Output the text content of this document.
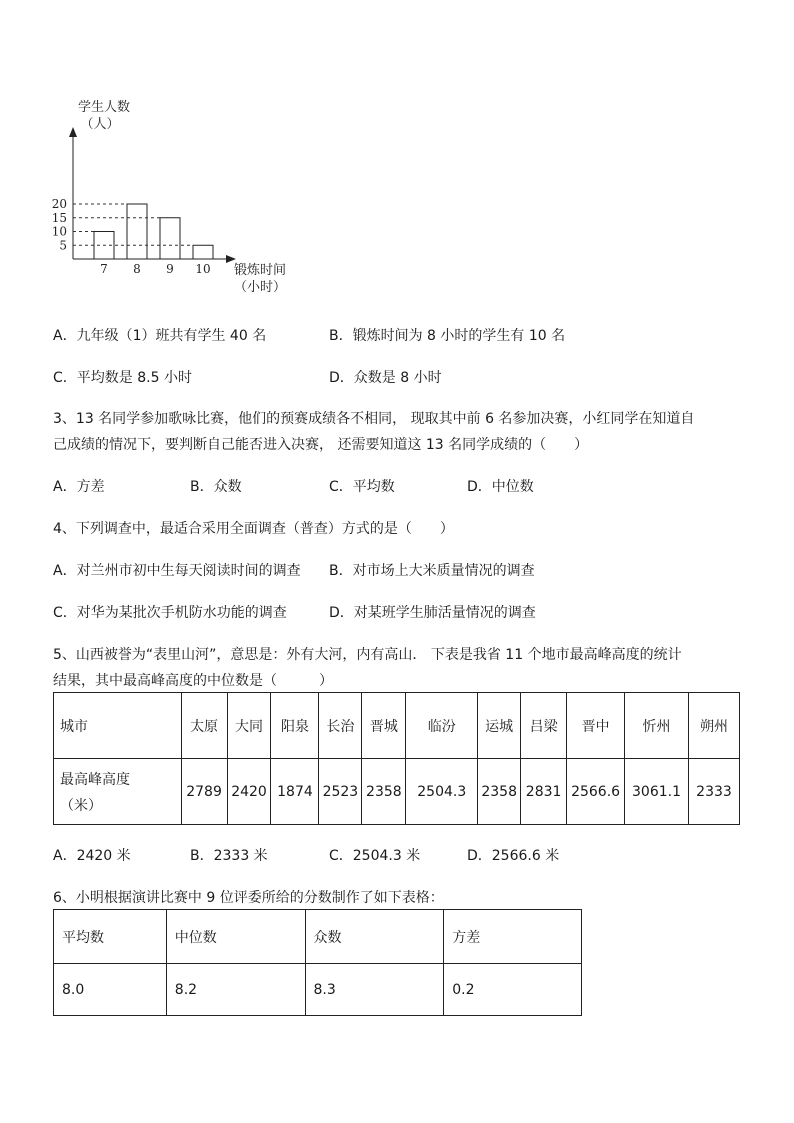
学生人数
（人）
锻炼时间
（小时）
5
10
15
20
7 8 9 10
A．九年级（1）班共有学生 40 名	B．锻炼时间为 8 小时的学生有 10 名
C．平均数是 8.5 小时	D．众数是 8 小时
3、13 名同学参加歌咏比赛，他们的预赛成绩各不相同， 现取其中前 6 名参加决赛，小红同学在知道自
己成绩的情况下，要判断自己能否进入决赛， 还需要知道这 13 名同学成绩的（　　）
A．方差	B．众数	C．平均数	D．中位数
4、下列调查中，最适合采用全面调查（普查）方式的是（　　）
A．对兰州市初中生每天阅读时间的调查 B．对市场上大米质量情况的调查
C．对华为某批次手机防水功能的调查	D．对某班学生肺活量情况的调查
5、山西被誉为“表里山河”，意思是：外有大河，内有高山． 下表是我省 11 个地市最高峰高度的统计
结果，其中最高峰高度的中位数是（　　　）
城市	太原	大同	阳泉	长治	晋城	临汾	运城	吕梁	晋中	忻州	朔州

最高峰高度
（米）	2789	2420	1874	2523	2358	2504.3	2358	2831	2566.6	3061.1	2333
A．2420 米	B．2333 米	C．2504.3 米	D．2566.6 米
6、小明根据演讲比赛中 9 位评委所给的分数制作了如下表格：
平均数	中位数	众数	方差
8.0	8.2	8.3	0.2
